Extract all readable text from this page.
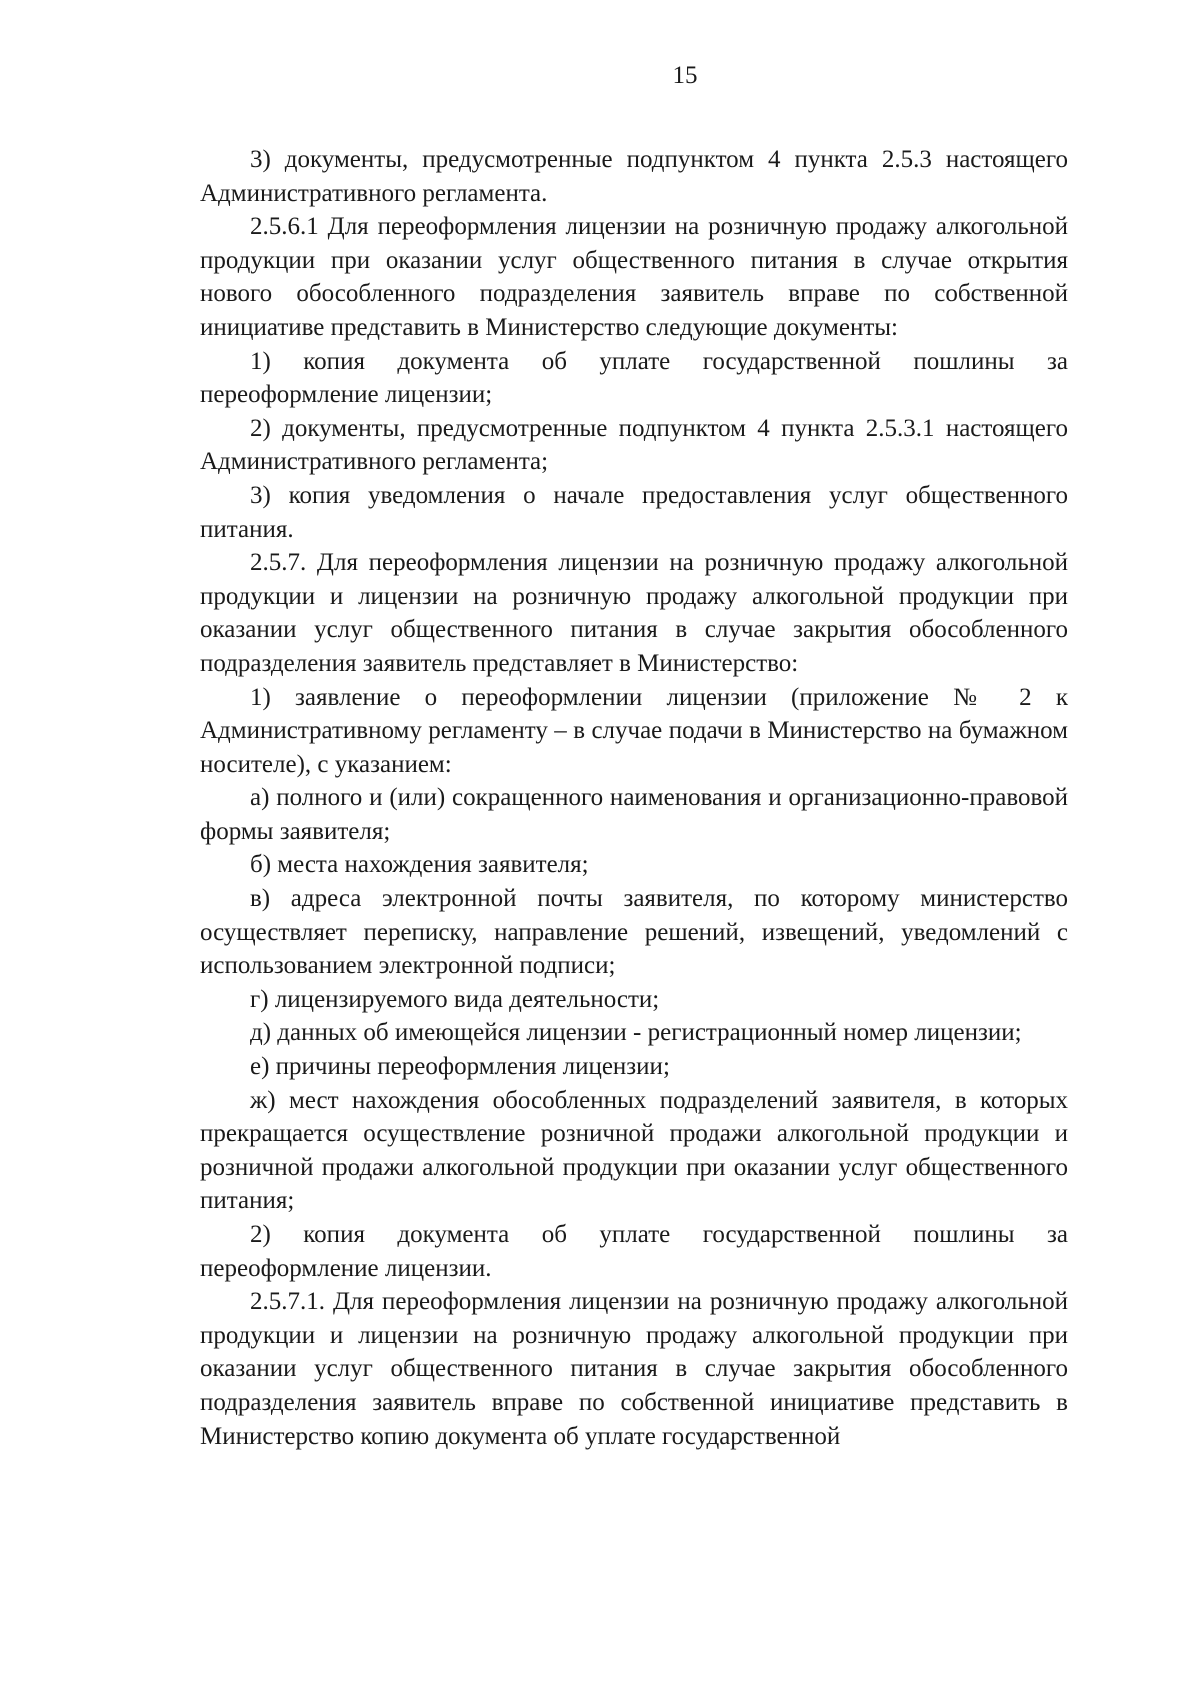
15

3) документы, предусмотренные подпунктом 4 пункта 2.5.3 настоящего Административного регламента.

2.5.6.1 Для переоформления лицензии на розничную продажу алкогольной продукции при оказании услуг общественного питания в случае открытия нового обособленного подразделения заявитель вправе по собственной инициативе представить в Министерство следующие документы:

1) копия документа об уплате государственной пошлины за переоформление лицензии;

2) документы, предусмотренные подпунктом 4 пункта 2.5.3.1 настоящего Административного регламента;

3) копия уведомления о начале предоставления услуг общественного питания.

2.5.7. Для переоформления лицензии на розничную продажу алкогольной продукции и лицензии на розничную продажу алкогольной продукции при оказании услуг общественного питания в случае закрытия обособленного подразделения заявитель представляет в Министерство:

1) заявление о переоформлении лицензии (приложение № 2 к Административному регламенту – в случае подачи в Министерство на бумажном носителе), с указанием:

а) полного и (или) сокращенного наименования и организационно-правовой формы заявителя;

б) места нахождения заявителя;

в) адреса электронной почты заявителя, по которому министерство осуществляет переписку, направление решений, извещений, уведомлений с использованием электронной подписи;

г) лицензируемого вида деятельности;

д) данных об имеющейся лицензии - регистрационный номер лицензии;

е) причины переоформления лицензии;

ж) мест нахождения обособленных подразделений заявителя, в которых прекращается осуществление розничной продажи алкогольной продукции и розничной продажи алкогольной продукции при оказании услуг общественного питания;

2) копия документа об уплате государственной пошлины за переоформление лицензии.

2.5.7.1. Для переоформления лицензии на розничную продажу алкогольной продукции и лицензии на розничную продажу алкогольной продукции при оказании услуг общественного питания в случае закрытия обособленного подразделения заявитель вправе по собственной инициативе представить в Министерство копию документа об уплате государственной
